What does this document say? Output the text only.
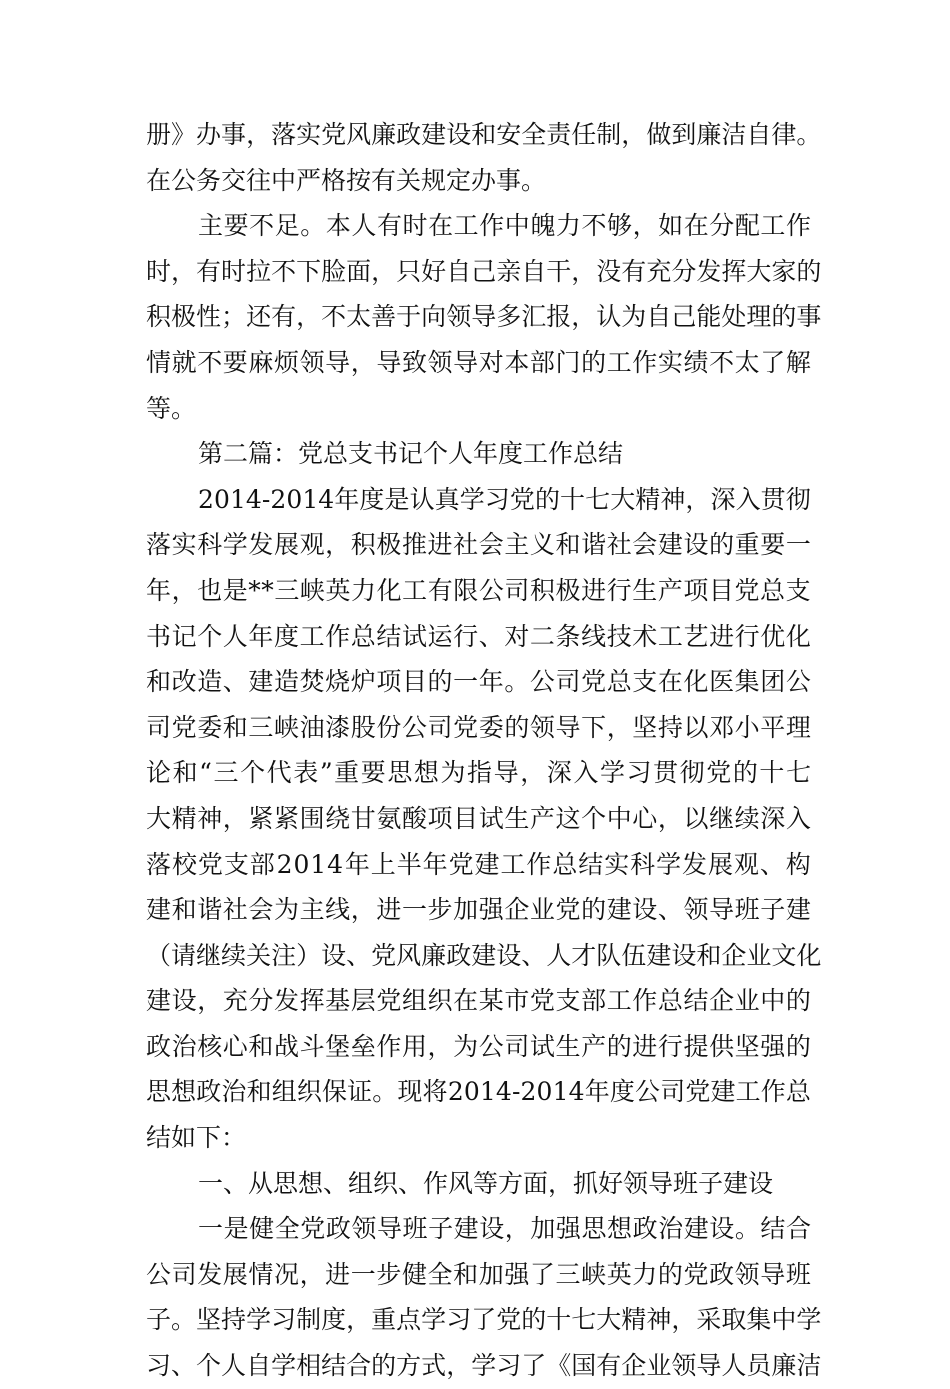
册 》 办 事 ， 落 实 党 风 廉 政 建 设 和 安 全 责 任 制 ， 做 到 廉 洁 自 律 。
在公务交往中严格按有关规定办事。
主 要 不 足 。 本 人 有 时 在 工 作 中 魄 力 不 够 ， 如 在 分 配 工 作
时 ， 有 时 拉 不 下 脸 面 ， 只 好 自 己 亲 自 干 ， 没 有 充 分 发 挥 大 家 的
积 极 性 ； 还 有 ， 不 太 善 于 向 领 导 多 汇 报 ， 认 为 自 己 能 处 理 的 事
情 就 不 要 麻 烦 领 导 ， 导 致 领 导 对 本 部 门 的 工 作 实 绩 不 太 了 解
等。
第二篇：党总支书记个人年度工作总结
2 0 1 4 - 2 0 1 4 年 度 是 认 真 学 习 党 的 十 七 大 精 神 ， 深 入 贯 彻
落 实 科 学 发 展 观 ， 积 极 推 进 社 会 主 义 和 谐 社 会 建 设 的 重 要 一
年 ， 也 是 * * 三 峡 英 力 化 工 有 限 公 司 积 极 进 行 生 产 项 目 党 总 支
书 记 个 人 年 度 工 作 总 结 试 运 行 、 对 二 条 线 技 术 工 艺 进 行 优 化
和 改 造 、 建 造 焚 烧 炉 项 目 的 一 年 。 公 司 党 总 支 在 化 医 集 团 公
司 党 委 和 三 峡 油 漆 股 份 公 司 党 委 的 领 导 下 ， 坚 持 以 邓 小 平 理
论 和 “ 三 个 代 表 ” 重 要 思 想 为 指 导 ， 深 入 学 习 贯 彻 党 的 十 七
大 精 神 ， 紧 紧 围 绕 甘 氨 酸 项 目 试 生 产 这 个 中 心 ， 以 继 续 深 入
落 校 党 支 部 2 0 1 4 年 上 半 年 党 建 工 作 总 结 实 科 学 发 展 观 、 构
建 和 谐 社 会 为 主 线 ， 进 一 步 加 强 企 业 党 的 建 设 、 领 导 班 子 建
（ 请 继 续 关 注 ） 设 、 党 风 廉 政 建 设 、 人 才 队 伍 建 设 和 企 业 文 化
建 设 ， 充 分 发 挥 基 层 党 组 织 在 某 市 党 支 部 工 作 总 结 企 业 中 的
政 治 核 心 和 战 斗 堡 垒 作 用 ， 为 公 司 试 生 产 的 进 行 提 供 坚 强 的
思 想 政 治 和 组 织 保 证 。 现 将 2 0 1 4 - 2 0 1 4 年 度 公 司 党 建 工 作 总
结如下：
一、从思想、组织、作风等方面，抓好领导班子建设
一 是 健 全 党 政 领 导 班 子 建 设 ， 加 强 思 想 政 治 建 设 。 结 合
公 司 发 展 情 况 ， 进 一 步 健 全 和 加 强 了 三 峡 英 力 的 党 政 领 导 班
子 。 坚 持 学 习 制 度 ， 重 点 学 习 了 党 的 十 七 大 精 神 ， 采 取 集 中 学
习 、 个 人 自 学 相 结 合 的 方 式 ， 学 习 了 《 国 有 企 业 领 导 人 员 廉 洁
